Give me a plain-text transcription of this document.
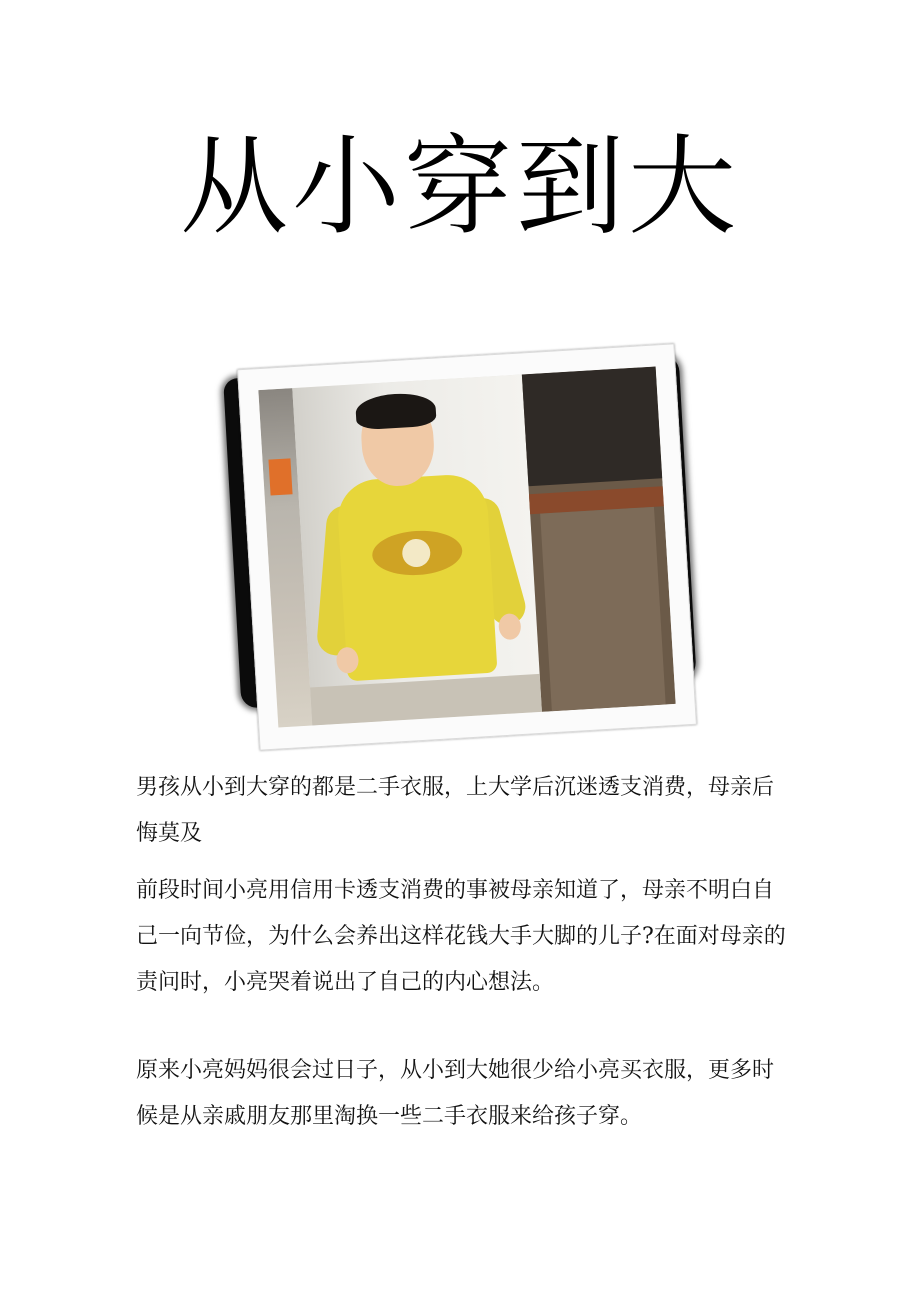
从小穿到大

男孩从小到大穿的都是二手衣服，上大学后沉迷透支消费，母亲后悔莫及

前段时间小亮用信用卡透支消费的事被母亲知道了，母亲不明白自己一向节俭，为什么会养出这样花钱大手大脚的儿子?在面对母亲的责问时，小亮哭着说出了自己的内心想法。

原来小亮妈妈很会过日子，从小到大她很少给小亮买衣服，更多时候是从亲戚朋友那里淘换一些二手衣服来给孩子穿。
